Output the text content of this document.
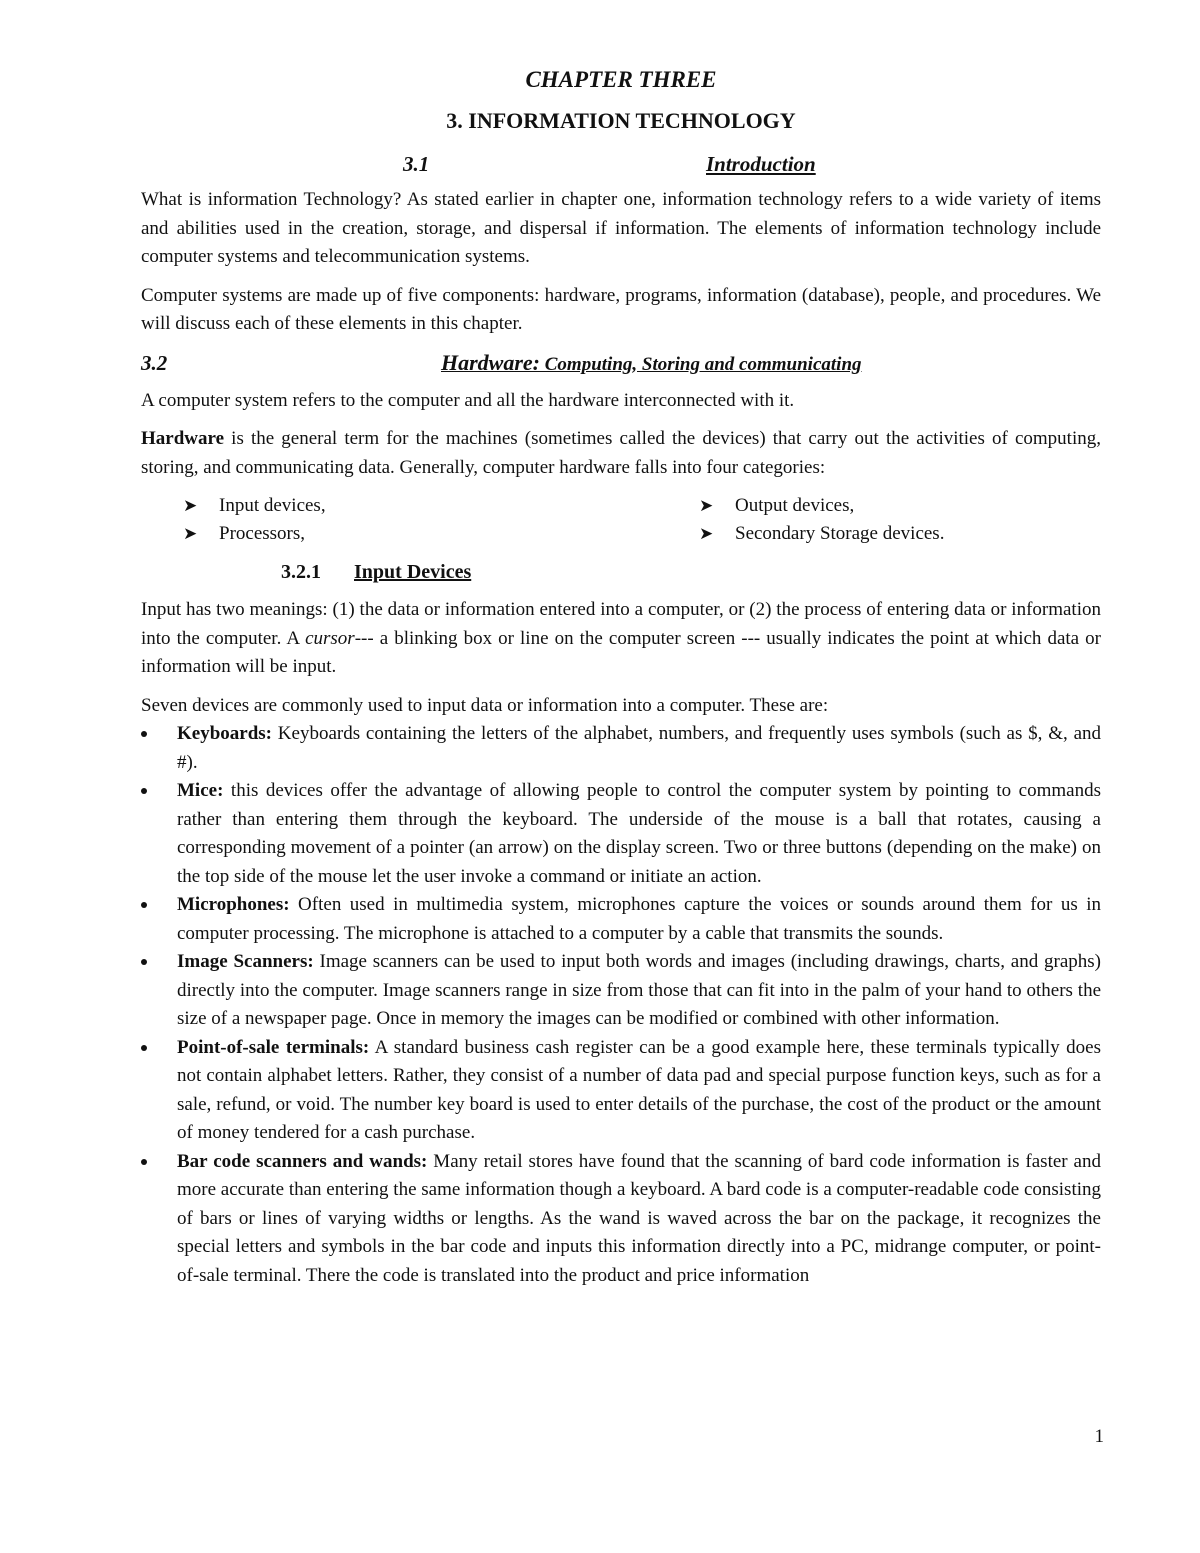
CHAPTER THREE
3. INFORMATION TECHNOLOGY
3.1	Introduction

What is information Technology? As stated earlier in chapter one, information technology refers to a wide variety of items and abilities used in the creation, storage, and dispersal if information. The elements of information technology include computer systems and telecommunication systems.

Computer systems are made up of five components: hardware, programs, information (database), people, and procedures. We will discuss each of these elements in this chapter.

3.2	Hardware: Computing, Storing and communicating

A computer system refers to the computer and all the hardware interconnected with it.

Hardware is the general term for the machines (sometimes called the devices) that carry out the activities of computing, storing, and communicating data. Generally, computer hardware falls into four categories:

➤ Input devices,	➤ Output devices,
➤ Processors,	➤ Secondary Storage devices.
3.2.1 Input Devices

Input has two meanings: (1) the data or information entered into a computer, or (2) the process of entering data or information into the computer. A cursor--- a blinking box or line on the computer screen --- usually indicates the point at which data or information will be input.

Seven devices are commonly used to input data or information into a computer. These are:

Keyboards: Keyboards containing the letters of the alphabet, numbers, and frequently uses symbols (such as $, &, and #).
Mice: this devices offer the advantage of allowing people to control the computer system by pointing to commands rather than entering them through the keyboard. The underside of the mouse is a ball that rotates, causing a corresponding movement of a pointer (an arrow) on the display screen. Two or three buttons (depending on the make) on the top side of the mouse let the user invoke a command or initiate an action.
Microphones: Often used in multimedia system, microphones capture the voices or sounds around them for us in computer processing. The microphone is attached to a computer by a cable that transmits the sounds.
Image Scanners: Image scanners can be used to input both words and images (including drawings, charts, and graphs) directly into the computer. Image scanners range in size from those that can fit into in the palm of your hand to others the size of a newspaper page. Once in memory the images can be modified or combined with other information.
Point-of-sale terminals: A standard business cash register can be a good example here, these terminals typically does not contain alphabet letters. Rather, they consist of a number of data pad and special purpose function keys, such as for a sale, refund, or void. The number key board is used to enter details of the purchase, the cost of the product or the amount of money tendered for a cash purchase.
Bar code scanners and wands: Many retail stores have found that the scanning of bard code information is faster and more accurate than entering the same information though a keyboard. A bard code is a computer-readable code consisting of bars or lines of varying widths or lengths. As the wand is waved across the bar on the package, it recognizes the special letters and symbols in the bar code and inputs this information directly into a PC, midrange computer, or point-of-sale terminal. There the code is translated into the product and price information
1
